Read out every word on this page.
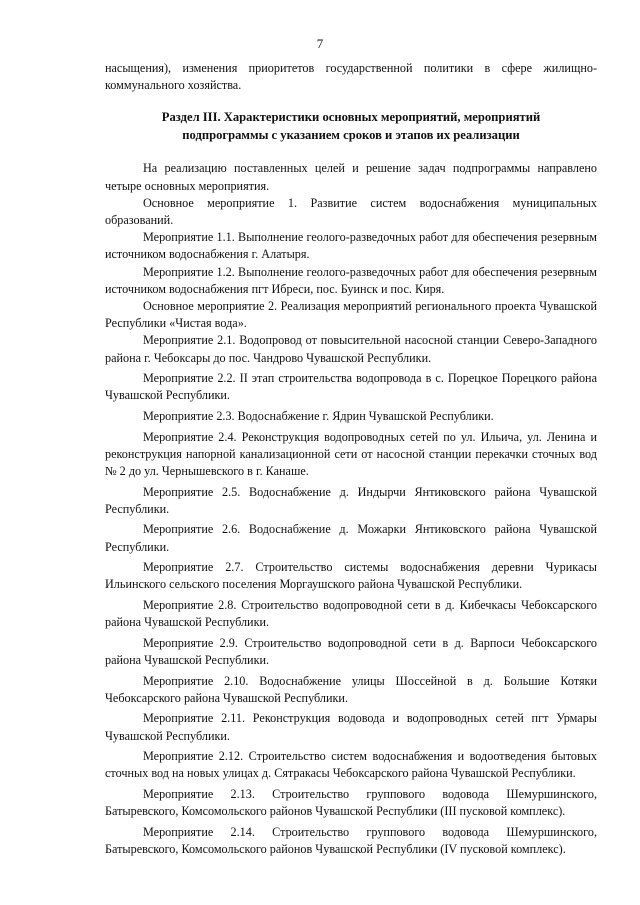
7

насыщения), изменения приоритетов государственной политики в сфере жилищно-коммунального хозяйства.

Раздел III. Характеристики основных мероприятий, мероприятий
подпрограммы с указанием сроков и этапов их реализации

На реализацию поставленных целей и решение задач подпрограммы направлено четыре основных мероприятия.

Основное мероприятие 1. Развитие систем водоснабжения муниципальных образований.

Мероприятие 1.1. Выполнение геолого-разведочных работ для обеспечения резервным источником водоснабжения г. Алатыря.

Мероприятие 1.2. Выполнение геолого-разведочных работ для обеспечения резервным источником водоснабжения пгт Ибреси, пос. Буинск и пос. Киря.

Основное мероприятие 2. Реализация мероприятий регионального проекта Чувашской Республики «Чистая вода».

Мероприятие 2.1. Водопровод от повысительной насосной станции Северо-Западного района г. Чебоксары до пос. Чандрово Чувашской Республики.

Мероприятие 2.2. II этап строительства водопровода в с. Порецкое Порецкого района Чувашской Республики.

Мероприятие 2.3. Водоснабжение г. Ядрин Чувашской Республики.

Мероприятие 2.4. Реконструкция водопроводных сетей по ул. Ильича, ул. Ленина и реконструкция напорной канализационной сети от насосной станции перекачки сточных вод № 2 до ул. Чернышевского в г. Канаше.

Мероприятие 2.5. Водоснабжение д. Индырчи Янтиковского района Чувашской Республики.

Мероприятие 2.6. Водоснабжение д. Можарки Янтиковского района Чувашской Республики.

Мероприятие 2.7. Строительство системы водоснабжения деревни Чурикасы Ильинского сельского поселения Моргаушского района Чувашской Республики.

Мероприятие 2.8. Строительство водопроводной сети в д. Кибечкасы Чебоксарского района Чувашской Республики.

Мероприятие 2.9. Строительство водопроводной сети в д. Варпоси Чебоксарского района Чувашской Республики.

Мероприятие 2.10. Водоснабжение улицы Шоссейной в д. Большие Котяки Чебоксарского района Чувашской Республики.

Мероприятие 2.11. Реконструкция водовода и водопроводных сетей пгт Урмары Чувашской Республики.

Мероприятие 2.12. Строительство систем водоснабжения и водоотведения бытовых сточных вод на новых улицах д. Сятракасы Чебоксарского района Чувашской Республики.

Мероприятие 2.13. Строительство группового водовода Шемуршинского, Батыревского, Комсомольского районов Чувашской Республики (III пусковой комплекс).

Мероприятие 2.14. Строительство группового водовода Шемуршинского, Батыревского, Комсомольского районов Чувашской Республики (IV пусковой комплекс).
